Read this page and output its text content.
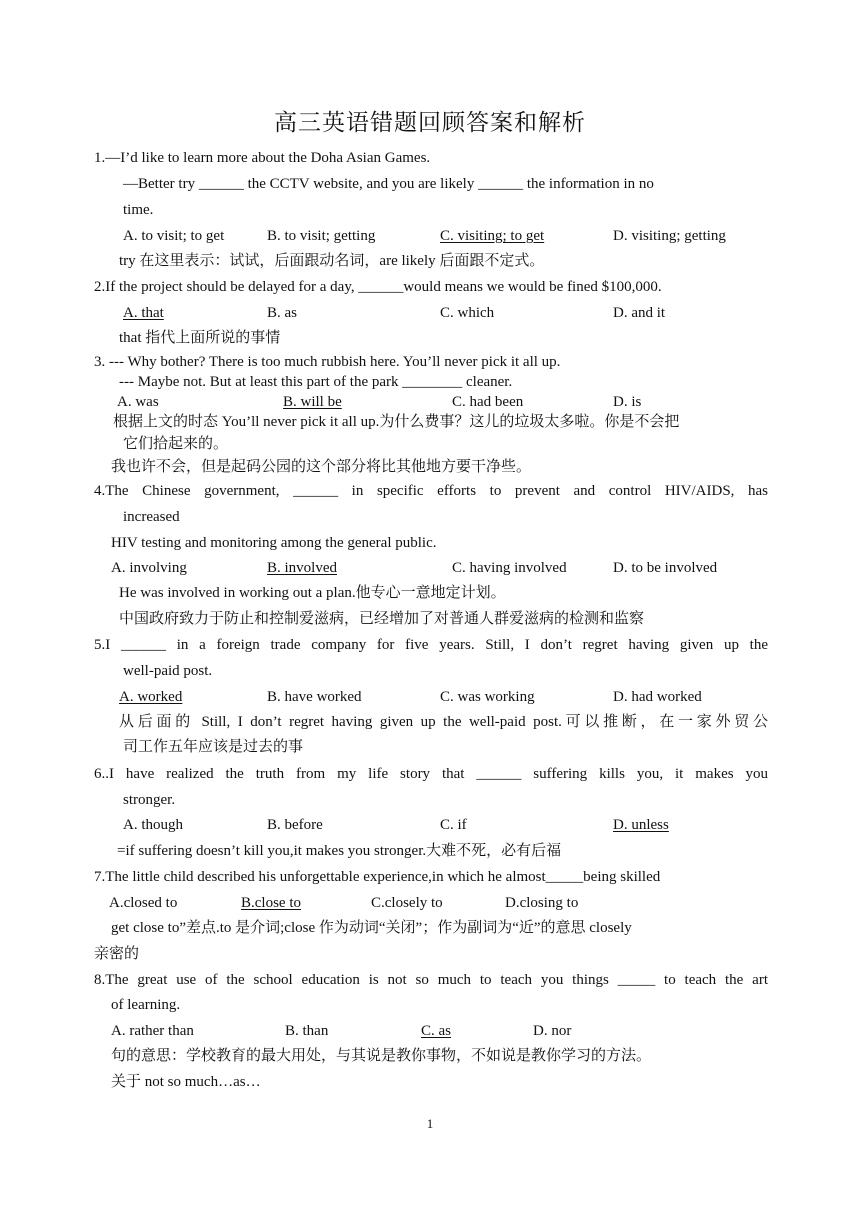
高三英语错题回顾答案和解析
1.—I’d like to learn more about the Doha Asian Games.
—Better try ______ the CCTV website, and you are likely ______ the information in no
time.
A. to visit; to get	B. to visit; getting	C. visiting; to get	D. visiting; getting
try 在这里表示：试试，后面跟动名词，are likely 后面跟不定式。
2.If the project should be delayed for a day, ______would means we would be fined $100,000.
A. that	B. as	C. which	D. and it
that 指代上面所说的事情
3. --- Why bother? There is too much rubbish here. You’ll never pick it all up.
--- Maybe not. But at least this part of the park ________ cleaner.
A. was	B. will be	C. had been	D. is
根据上文的时态 You’ll never pick it all up.为什么费事？这儿的垃圾太多啦。你是不会把
它们拾起来的。
我也许不会，但是起码公园的这个部分将比其他地方要干净些。
4.The Chinese government, ______ in specific efforts to prevent and control HIV/AIDS, has
increased
HIV testing and monitoring among the general public.
A. involving	B. involved	C. having involved	D. to be involved
He was involved in working out a plan.他专心一意地定计划。
中国政府致力于防止和控制爱滋病，已经增加了对普通人群爱滋病的检测和监察
5.I ______ in a foreign trade company for five years. Still, I don’t regret having given up the
well-paid post.
A. worked	B. have worked	C. was working	D. had worked
从后面的 Still, I don’t regret having given up the well-paid post.可以推断，在一家外贸公
司工作五年应该是过去的事
6..I have realized the truth from my life story that ______ suffering kills you, it makes you
stronger.
A. though	B. before	C. if	D. unless
=if suffering doesn’t kill you,it makes you stronger.大难不死，必有后福
7.The little child described his unforgettable experience,in which he almost_____being skilled
A.closed to	B.close to	C.closely to	D.closing to
get close to”差点.to 是介词;close 作为动词“关闭”；作为副词为“近”的意思 closely
亲密的
8.The great use of the school education is not so much to teach you things _____ to teach the art
of learning.
A. rather than	B. than	C. as	D. nor
句的意思：学校教育的最大用处，与其说是教你事物，不如说是教你学习的方法。
关于 not so much…as…
1
